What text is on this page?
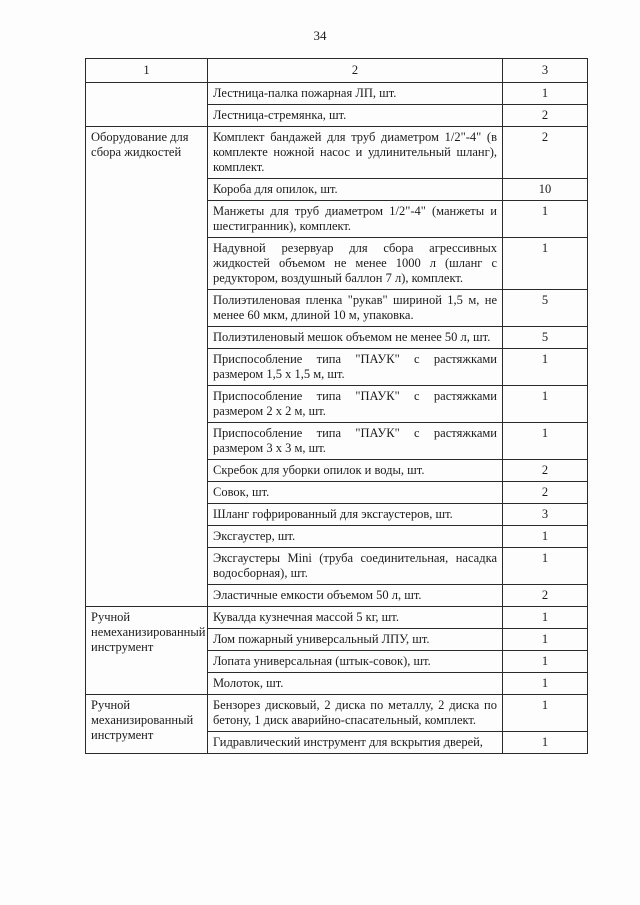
34
1	2	3
	Лестница-палка пожарная ЛП, шт.	1
	Лестница-стремянка, шт.	2
Оборудование для сбора жидкостей	Комплект бандажей для труб диаметром 1/2"-4" (в комплекте ножной насос и удлинительный шланг), комплект.	2
	Короба для опилок, шт.	10
	Манжеты для труб диаметром 1/2"-4" (манжеты и шестигранник), комплект.	1
	Надувной резервуар для сбора агрессивных жидкостей объемом не менее 1000 л (шланг с редуктором, воздушный баллон 7 л), комплект.	1
	Полиэтиленовая пленка "рукав" шириной 1,5 м, не менее 60 мкм, длиной 10 м, упаковка.	5
	Полиэтиленовый мешок объемом не менее 50 л, шт.	5
	Приспособление типа "ПАУК" с растяжками размером 1,5 x 1,5 м, шт.	1
	Приспособление типа "ПАУК" с растяжками размером 2 x 2 м, шт.	1
	Приспособление типа "ПАУК" с растяжками размером 3 x 3 м, шт.	1
	Скребок для уборки опилок и воды, шт.	2
	Совок, шт.	2
	Шланг гофрированный для эксгаустеров, шт.	3
	Эксгаустер, шт.	1
	Эксгаустеры Mini (труба соединительная, насадка водосборная), шт.	1
	Эластичные емкости объемом 50 л, шт.	2
Ручной немеханизированный инструмент	Кувалда кузнечная массой 5 кг, шт.	1
	Лом пожарный универсальный ЛПУ, шт.	1
	Лопата универсальная (штык-совок), шт.	1
	Молоток, шт.	1
Ручной механизированный инструмент	Бензорез дисковый, 2 диска по металлу, 2 диска по бетону, 1 диск аварийно-спасательный, комплект.	1
	Гидравлический инструмент для вскрытия дверей,	1
